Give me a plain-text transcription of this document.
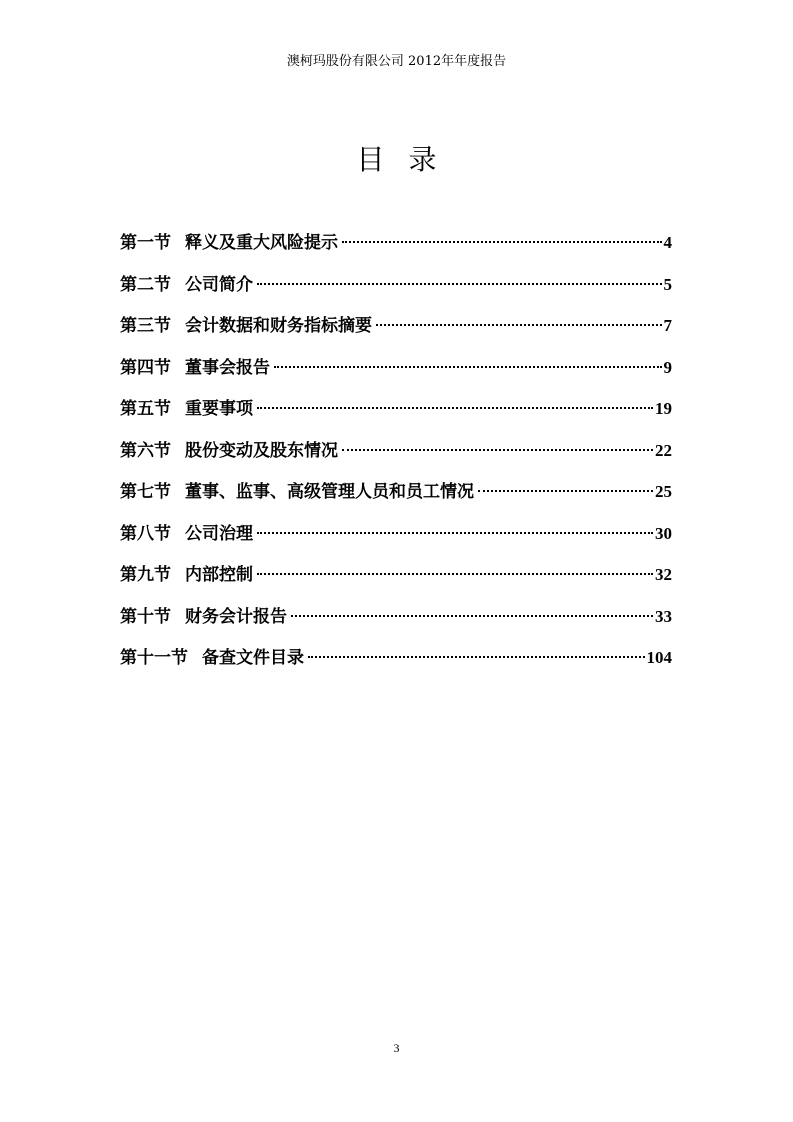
澳柯玛股份有限公司 2012年年度报告
目录
第一节 释义及重大风险提示	4
第二节 公司简介	5
第三节 会计数据和财务指标摘要	7
第四节 董事会报告	9
第五节 重要事项	19
第六节 股份变动及股东情况	22
第七节 董事、监事、高级管理人员和员工情况	25
第八节 公司治理	30
第九节 内部控制	32
第十节 财务会计报告	33
第十一节 备查文件目录	104
3
